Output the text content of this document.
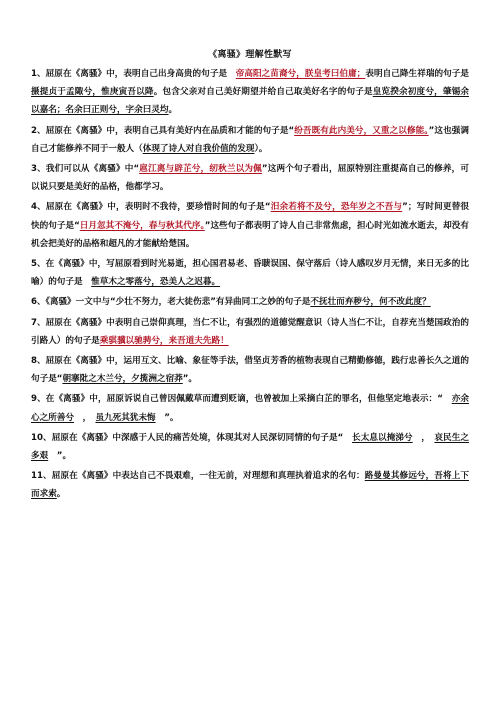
《离骚》理解性默写

1、屈原在《离骚》中，表明自己出身高贵的句子是　帝高阳之苗裔兮，朕皇考曰伯庸；表明自己降生祥瑞的句子是摄提贞于孟陬兮，惟庚寅吾以降。包含父亲对自己美好期望并给自己取美好名字的句子是皇览揆余初度兮，肇锡余以嘉名；名余曰正则兮，字余曰灵均。

2、屈原在《离骚》中，表明自己具有美好内在品质和才能的句子是“纷吾既有此内美兮，又重之以修能。”这也强调自己才能修养不同于一般人（体现了诗人对自我价值的发现）。

3、我们可以从《离骚》中“扈江离与辟芷兮，纫秋兰以为佩”这两个句子看出，屈原特别注重提高自己的修养，可以说只要是美好的品格，他都学习。

4、屈原在《离骚》中，表明时不我待，要珍惜时间的句子是“汨余若将不及兮，恐年岁之不吾与”；写时间更替很快的句子是“日月忽其不淹兮，春与秋其代序。”这些句子都表明了诗人自己非常焦虑，担心时光如流水逝去，却没有机会把美好的品格和超凡的才能献给楚国。

5、在《离骚》中，写屈原看到时光易逝，担心国君易老、昏聩误国、保守落后（诗人感叹岁月无情，来日无多的比喻）的句子是　惟草木之零落兮，恐美人之迟暮。

6、《离骚》一文中与“少壮不努力，老大徒伤悲”有异曲同工之妙的句子是不抚壮而弃秽兮，何不改此度？

7、屈原在《离骚》中表明自己崇仰真理，当仁不让，有强烈的道德觉醒意识（诗人当仁不让，自荐充当楚国政治的引路人）的句子是乘骐骥以驰骋兮，来吾道夫先路！

8、屈原在《离骚》中，运用互文、比喻、象征等手法，借坚贞芳香的植物表现自己精勤修德，践行忠善长久之道的句子是“朝搴阰之木兰兮，夕揽洲之宿莽”。

9、在《离骚》中，屈原诉说自己曾因佩戴草而遭到贬谪，也曾被加上采摘白芷的罪名，但他坚定地表示：“　亦余心之所善兮　，　虽九死其犹未悔　”。

10、屈原在《离骚》中深感于人民的痛苦处境，体现其对人民深切同情的句子是“　长太息以掩涕兮　，　哀民生之多艰　”。

11、屈原在《离骚》中表达自己不畏艰难，一往无前，对理想和真理执着追求的名句：路曼曼其修远兮，吾将上下而求索。
